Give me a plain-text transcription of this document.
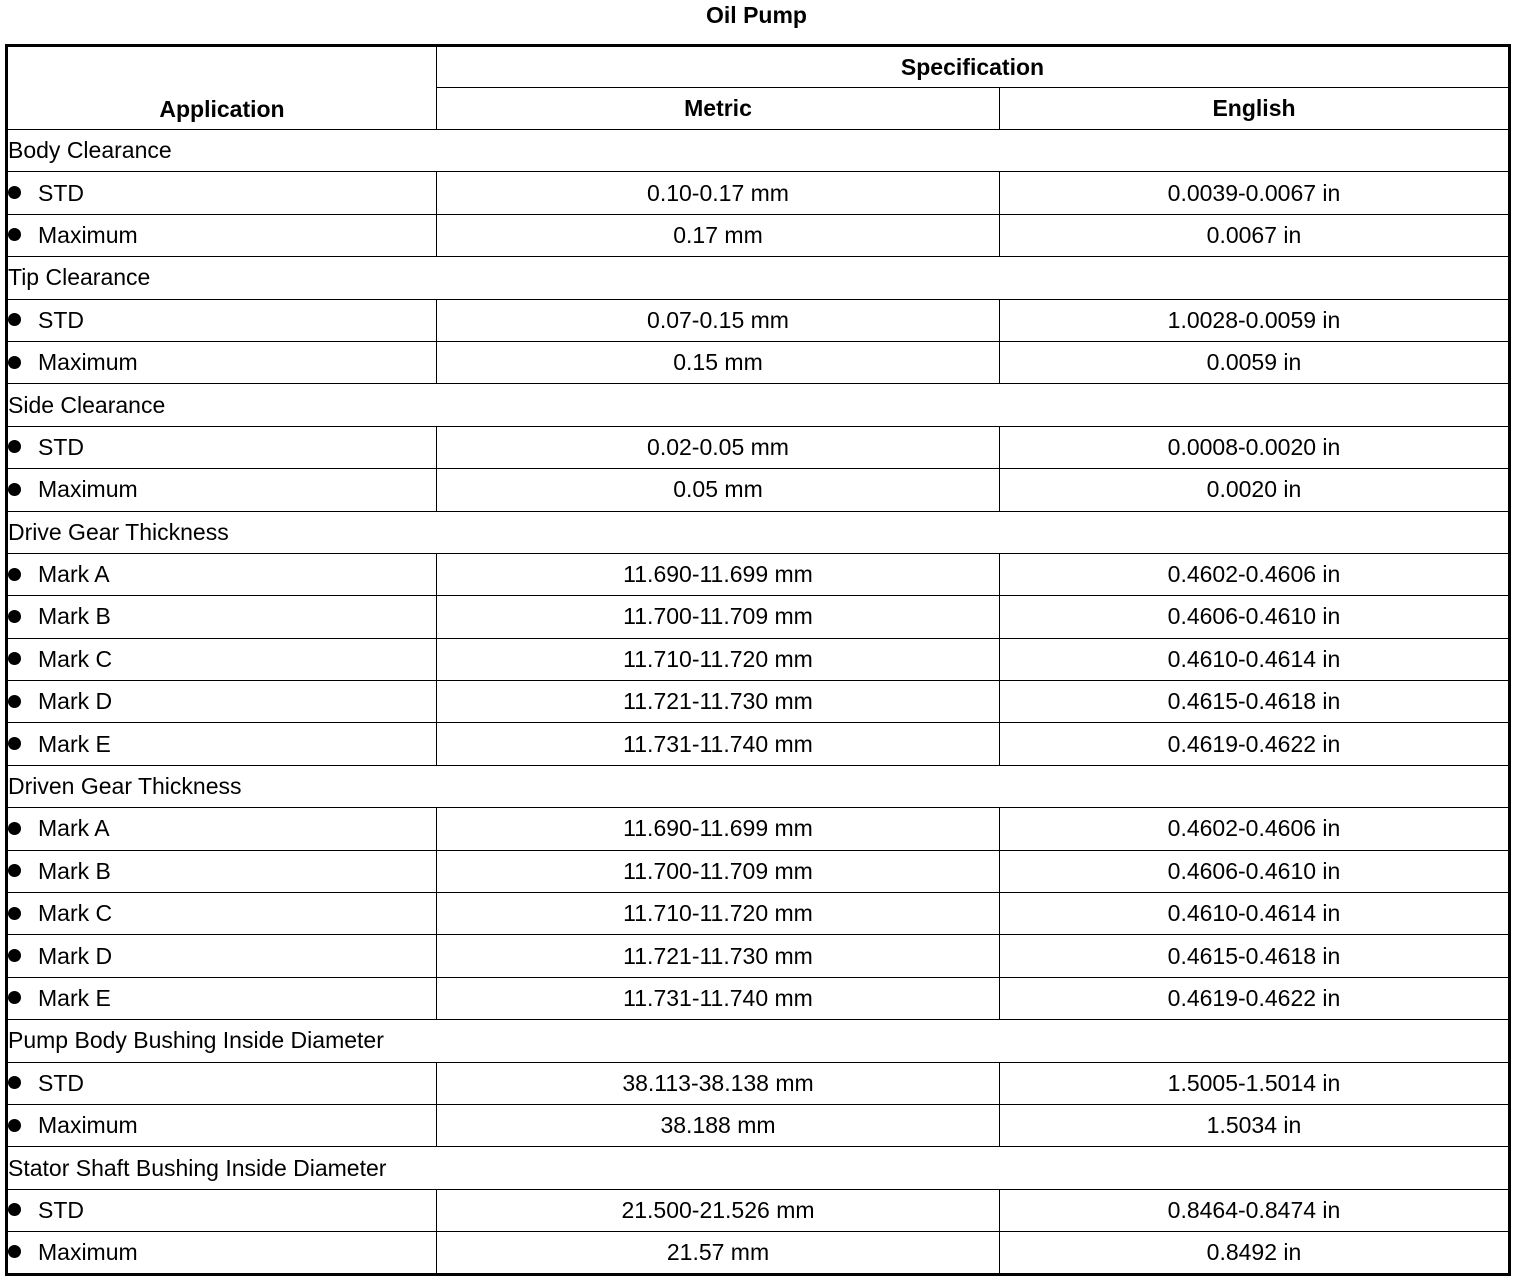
Oil Pump
Application	Specification	
	Metric	English
Body Clearance		
STD	0.10-0.17 mm	0.0039-0.0067 in
Maximum	0.17 mm	0.0067 in
Tip Clearance		
STD	0.07-0.15 mm	1.0028-0.0059 in
Maximum	0.15 mm	0.0059 in
Side Clearance		
STD	0.02-0.05 mm	0.0008-0.0020 in
Maximum	0.05 mm	0.0020 in
Drive Gear Thickness		
Mark A	11.690-11.699 mm	0.4602-0.4606 in
Mark B	11.700-11.709 mm	0.4606-0.4610 in
Mark C	11.710-11.720 mm	0.4610-0.4614 in
Mark D	11.721-11.730 mm	0.4615-0.4618 in
Mark E	11.731-11.740 mm	0.4619-0.4622 in
Driven Gear Thickness		
Mark A	11.690-11.699 mm	0.4602-0.4606 in
Mark B	11.700-11.709 mm	0.4606-0.4610 in
Mark C	11.710-11.720 mm	0.4610-0.4614 in
Mark D	11.721-11.730 mm	0.4615-0.4618 in
Mark E	11.731-11.740 mm	0.4619-0.4622 in
Pump Body Bushing Inside Diameter		
STD	38.113-38.138 mm	1.5005-1.5014 in
Maximum	38.188 mm	1.5034 in
Stator Shaft Bushing Inside Diameter		
STD	21.500-21.526 mm	0.8464-0.8474 in
Maximum	21.57 mm	0.8492 in
